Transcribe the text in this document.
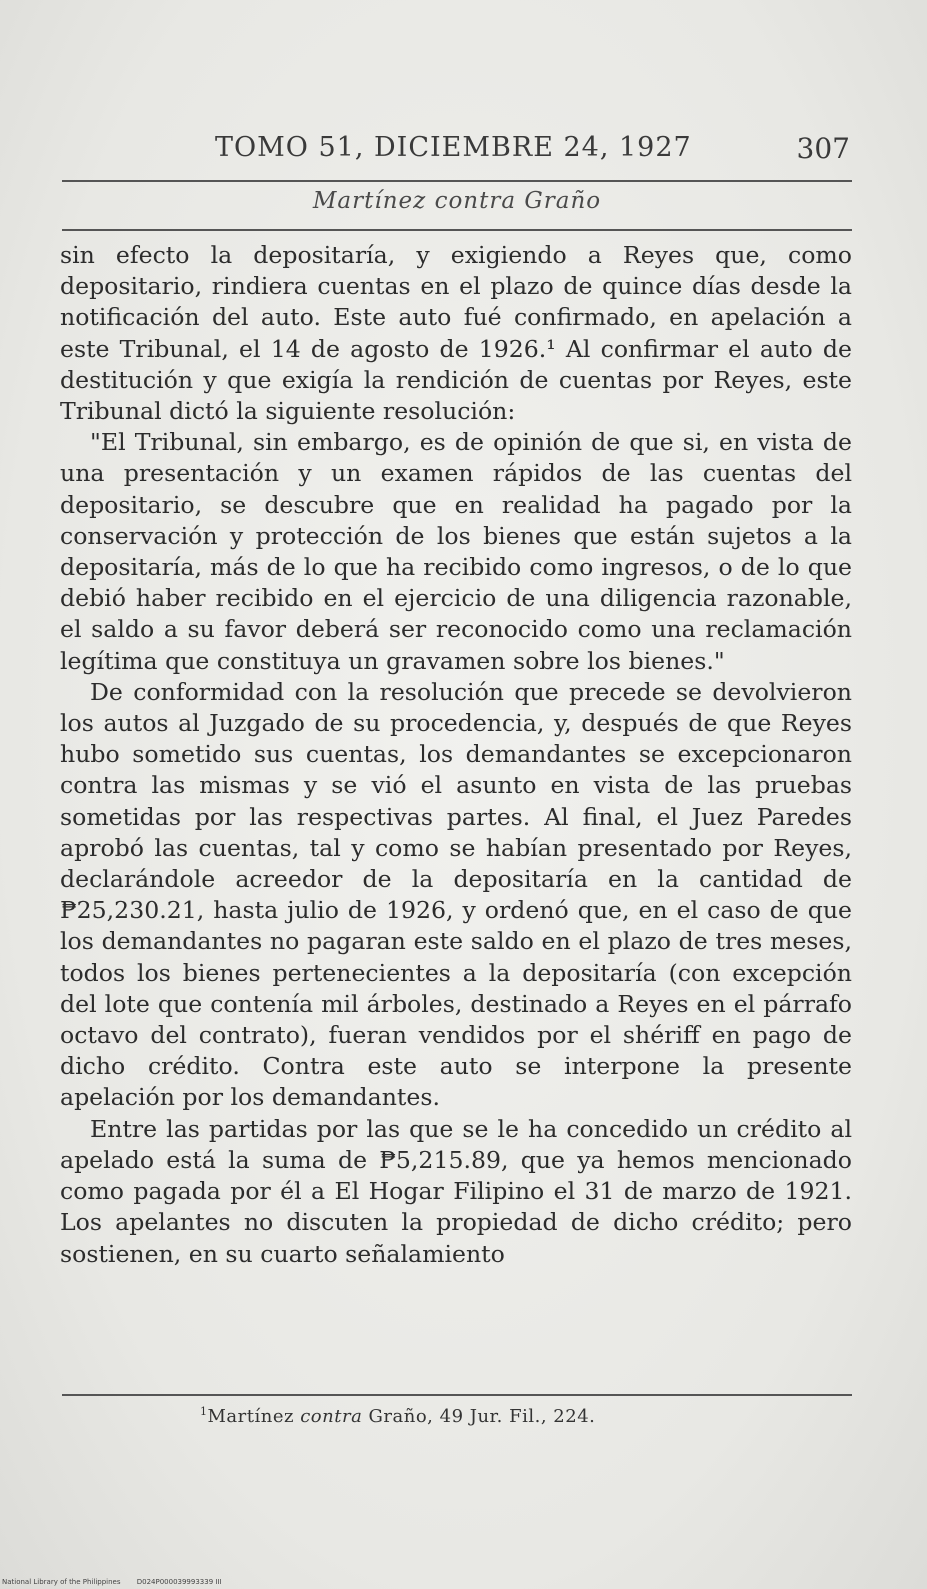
TOMO 51, DICIEMBRE 24, 1927	307
Martínez contra Graño

sin efecto la depositaría, y exigiendo a Reyes que, como depositario, rindiera cuentas en el plazo de quince días desde la notificación del auto. Este auto fué confirmado, en apelación a este Tribunal, el 14 de agosto de 1926.¹ Al confirmar el auto de destitución y que exigía la rendición de cuentas por Reyes, este Tribunal dictó la siguiente resolución:

"El Tribunal, sin embargo, es de opinión de que si, en vista de una presentación y un examen rápidos de las cuentas del depositario, se descubre que en realidad ha pagado por la conservación y protección de los bienes que están sujetos a la depositaría, más de lo que ha recibido como ingresos, o de lo que debió haber recibido en el ejercicio de una diligencia razonable, el saldo a su favor deberá ser reconocido como una reclamación legítima que constituya un gravamen sobre los bienes."

De conformidad con la resolución que precede se devolvieron los autos al Juzgado de su procedencia, y, después de que Reyes hubo sometido sus cuentas, los demandantes se excepcionaron contra las mismas y se vió el asunto en vista de las pruebas sometidas por las respectivas partes. Al final, el Juez Paredes aprobó las cuentas, tal y como se habían presentado por Reyes, declarándole acreedor de la depositaría en la cantidad de ₱25,230.21, hasta julio de 1926, y ordenó que, en el caso de que los demandantes no pagaran este saldo en el plazo de tres meses, todos los bienes pertenecientes a la depositaría (con excepción del lote que contenía mil árboles, destinado a Reyes en el párrafo octavo del contrato), fueran vendidos por el shériff en pago de dicho crédito. Contra este auto se interpone la presente apelación por los demandantes.

Entre las partidas por las que se le ha concedido un crédito al apelado está la suma de ₱5,215.89, que ya hemos mencionado como pagada por él a El Hogar Filipino el 31 de marzo de 1921. Los apelantes no discuten la propiedad de dicho crédito; pero sostienen, en su cuarto señalamiento

$^1$Martínez contra Graño, 49 Jur. Fil., 224.
National Library of the Philippines D024P000039993339 III
